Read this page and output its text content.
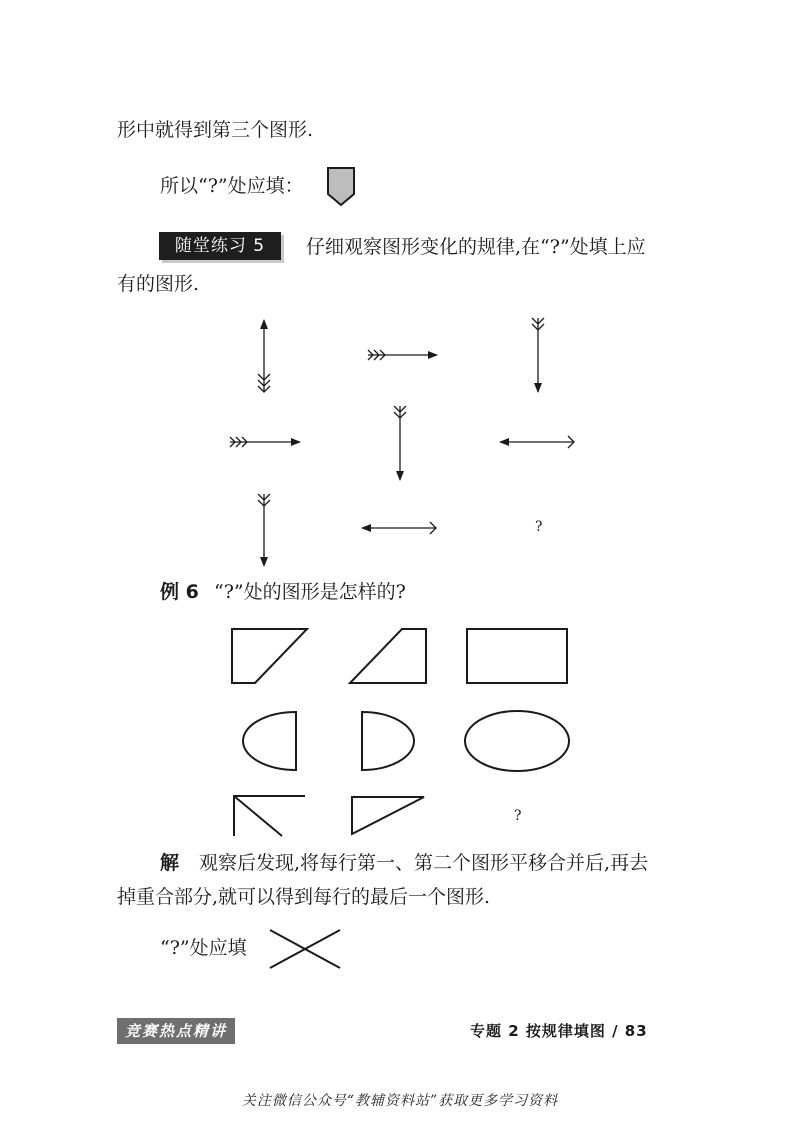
形中就得到第三个图形.
所以“?”处应填：
随堂练习 5	仔细观察图形变化的规律,在“?”处填上应
有的图形.
?
例 6 “?”处的图形是怎样的?
?
解 观察后发现,将每行第一、第二个图形平移合并后,再去
掉重合部分,就可以得到每行的最后一个图形.
“?”处应填
竞赛热点精讲	专题 2 按规律填图 / 83
关注微信公众号“教辅资料站”获取更多学习资料
